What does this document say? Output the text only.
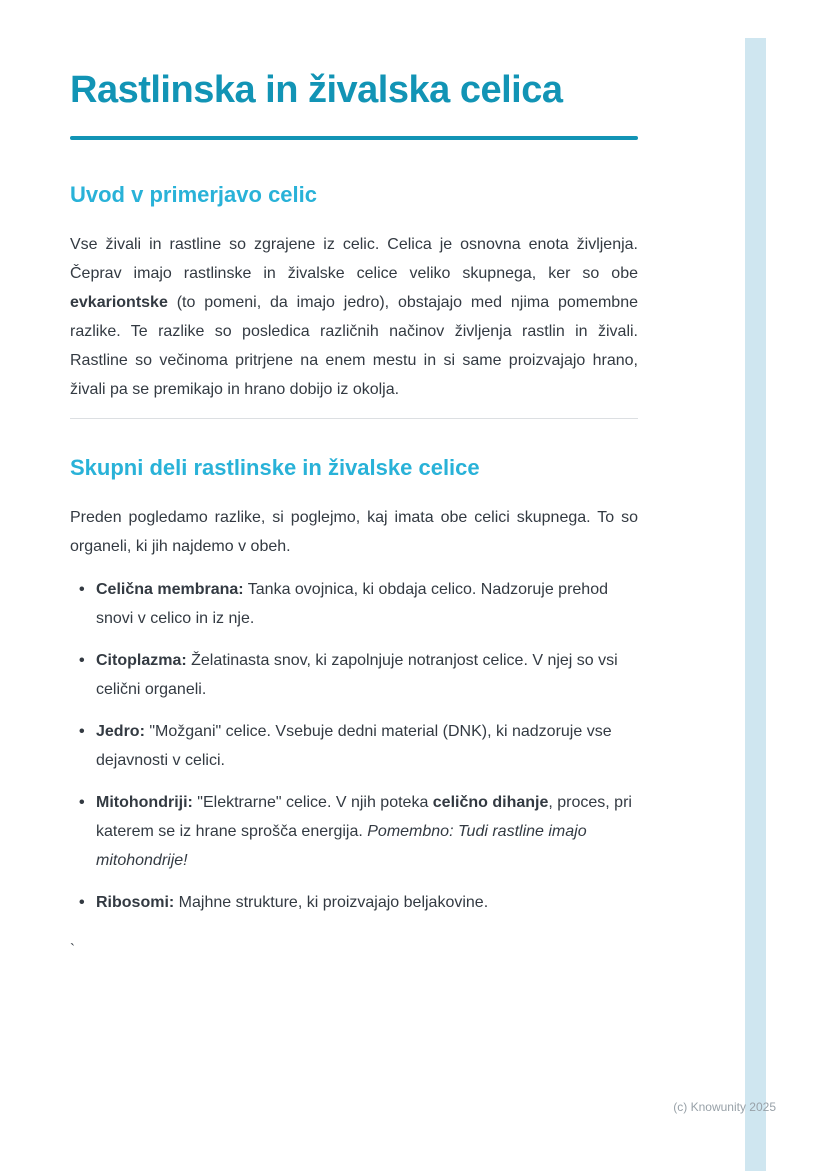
Rastlinska in živalska celica
Uvod v primerjavo celic

Vse živali in rastline so zgrajene iz celic. Celica je osnovna enota življenja. Čeprav imajo rastlinske in živalske celice veliko skupnega, ker so obe evkariontske (to pomeni, da imajo jedro), obstajajo med njima pomembne razlike. Te razlike so posledica različnih načinov življenja rastlin in živali. Rastline so večinoma pritrjene na enem mestu in si same proizvajajo hrano, živali pa se premikajo in hrano dobijo iz okolja.

Skupni deli rastlinske in živalske celice

Preden pogledamo razlike, si poglejmo, kaj imata obe celici skupnega. To so organeli, ki jih najdemo v obeh.

• Celična membrana: Tanka ovojnica, ki obdaja celico. Nadzoruje prehod snovi v celico in iz nje.
• Citoplazma: Želatinasta snov, ki zapolnjuje notranjost celice. V njej so vsi celični organeli.
• Jedro: "Možgani" celice. Vsebuje dedni material (DNK), ki nadzoruje vse dejavnosti v celici.
• Mitohondriji: "Elektrarne" celice. V njih poteka celično dihanje, proces, pri katerem se iz hrane sprošča energija. Pomembno: Tudi rastline imajo mitohondrije!
• Ribosomi: Majhne strukture, ki proizvajajo beljakovine.
`
(c) Knowunity 2025
